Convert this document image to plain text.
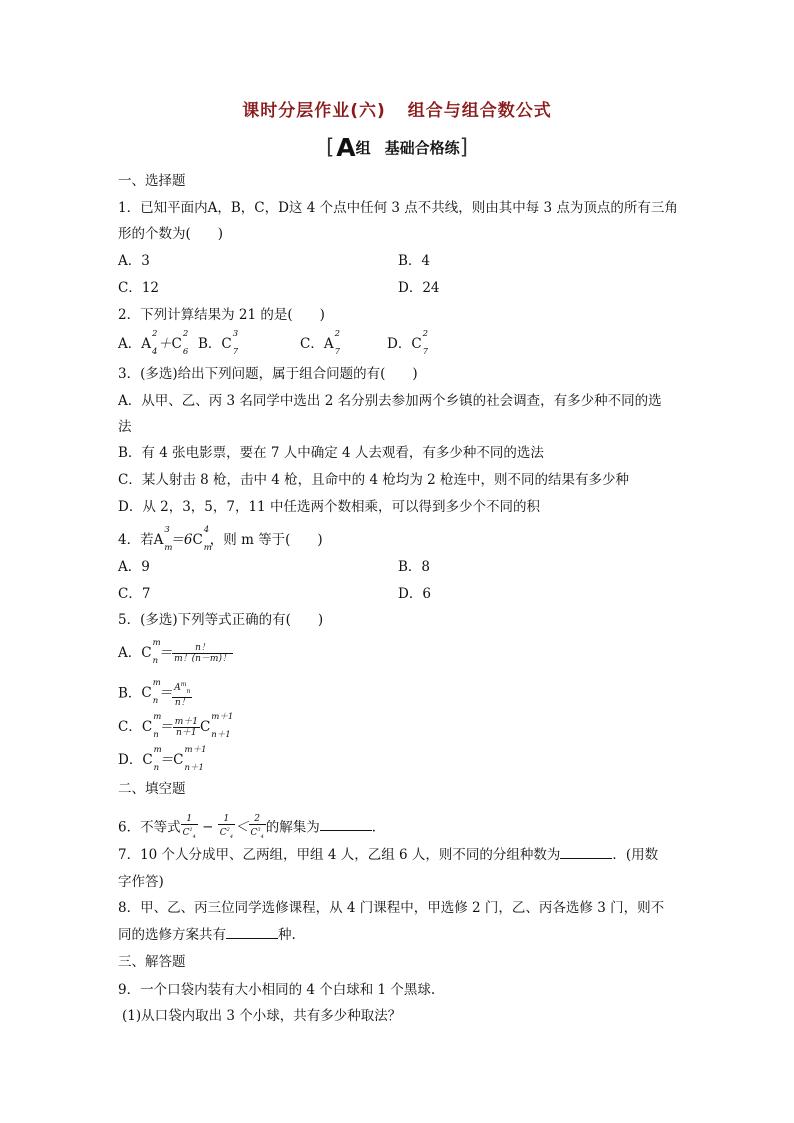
课时分层作业(六) 组合与组合数公式
[A组 基础合格练]
一、选择题
1．已知平面内A，B，C，D这 4 个点中任何 3 点不共线，则由其中每 3 点为顶点的所有三角
形的个数为(　　)
A．3	B．4
C．12	D．24
2．下列计算结果为 21 的是(　　)
A．A
2
4 ＋C
2
6 B．C
3
7	C．A
2
7	D．C
2
7
3．(多选)给出下列问题，属于组合问题的有(　　)
A．从甲、乙、丙 3 名同学中选出 2 名分别去参加两个乡镇的社会调查，有多少种不同的选
法
B．有 4 张电影票，要在 7 人中确定 4 人去观看，有多少种不同的选法
C．某人射击 8 枪，击中 4 枪，且命中的 4 枪均为 2 枪连中，则不同的结果有多少种
D．从 2，3，5，7，11 中任选两个数相乘，可以得到多少个不同的积
4．若A
3
m
＝6C
4
m
，则 m 等于(　　)
A．9	B．8
C．7	D．6
5．(多选)下列等式正确的有(　　)
A．C
m
$n = \frac{n!}{m!(n-m)!}$
B．C
m
$n = \frac{A^m_n}{n!}$
C．C
m
$n = \frac{m+1}{n+1}$ C
m＋1
n＋1
D．C
m
n ＝C
m＋1
n＋1
二、填空题
6．不等式 $\frac{1}{C^1_4} - \frac{1}{C^2_4} < \frac{2}{C^3_4}$ 的解集为	.
7．10 个人分成甲、乙两组，甲组 4 人，乙组 6 人，则不同的分组种数为	．(用数
字作答)
8．甲、乙、丙三位同学选修课程，从 4 门课程中，甲选修 2 门，乙、丙各选修 3 门，则不
同的选修方案共有	种.
三、解答题
9．一个口袋内装有大小相同的 4 个白球和 1 个黑球.
(1)从口袋内取出 3 个小球，共有多少种取法？
